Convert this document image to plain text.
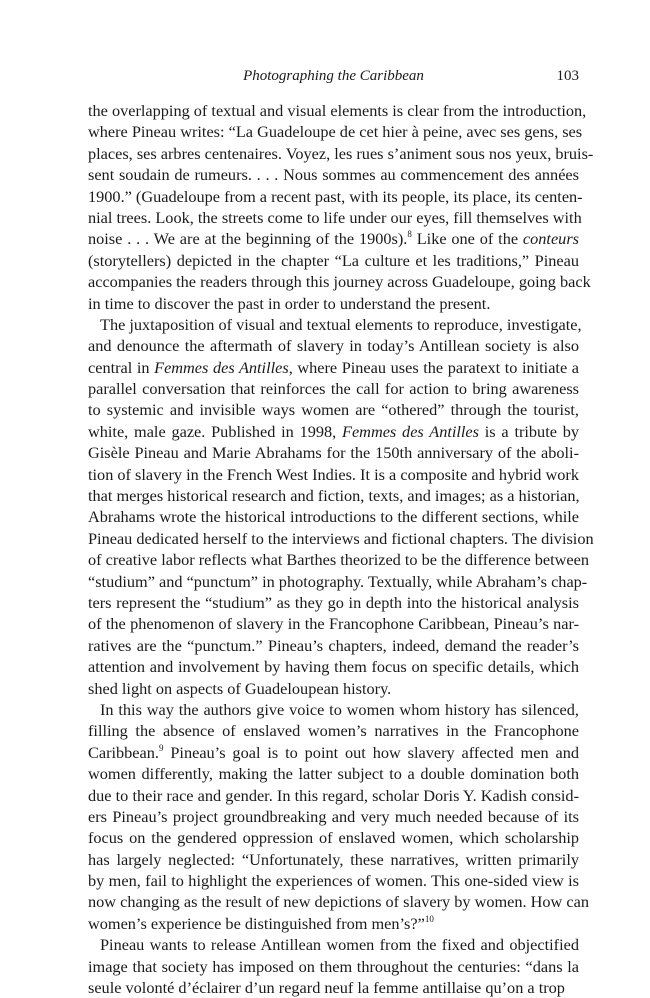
Photographing the Caribbean	103
the overlapping of textual and visual elements is clear from the introduction,
where Pineau writes: “La Guadeloupe de cet hier à peine, avec ses gens, ses
places, ses arbres centenaires. Voyez, les rues s’animent sous nos yeux, bruis-
sent soudain de rumeurs. . . . Nous sommes au commencement des années
1900.” (Guadeloupe from a recent past, with its people, its place, its centen-
nial trees. Look, the streets come to life under our eyes, fill themselves with
noise . . . We are at the beginning of the 1900s).$^8$ Like one of the conteurs
(storytellers) depicted in the chapter “La culture et les traditions,” Pineau
accompanies the readers through this journey across Guadeloupe, going back
in time to discover the past in order to understand the present.
The juxtaposition of visual and textual elements to reproduce, investigate,
and denounce the aftermath of slavery in today’s Antillean society is also
central in Femmes des Antilles, where Pineau uses the paratext to initiate a
parallel conversation that reinforces the call for action to bring awareness
to systemic and invisible ways women are “othered” through the tourist,
white, male gaze. Published in 1998, Femmes des Antilles is a tribute by
Gisèle Pineau and Marie Abrahams for the 150th anniversary of the aboli-
tion of slavery in the French West Indies. It is a composite and hybrid work
that merges historical research and fiction, texts, and images; as a historian,
Abrahams wrote the historical introductions to the different sections, while
Pineau dedicated herself to the interviews and fictional chapters. The division
of creative labor reflects what Barthes theorized to be the difference between
“studium” and “punctum” in photography. Textually, while Abraham’s chap-
ters represent the “studium” as they go in depth into the historical analysis
of the phenomenon of slavery in the Francophone Caribbean, Pineau’s nar-
ratives are the “punctum.” Pineau’s chapters, indeed, demand the reader’s
attention and involvement by having them focus on specific details, which
shed light on aspects of Guadeloupean history.
In this way the authors give voice to women whom history has silenced,
filling the absence of enslaved women’s narratives in the Francophone
Caribbean.$^9$ Pineau’s goal is to point out how slavery affected men and
women differently, making the latter subject to a double domination both
due to their race and gender. In this regard, scholar Doris Y. Kadish consid-
ers Pineau’s project groundbreaking and very much needed because of its
focus on the gendered oppression of enslaved women, which scholarship
has largely neglected: “Unfortunately, these narratives, written primarily
by men, fail to highlight the experiences of women. This one-sided view is
now changing as the result of new depictions of slavery by women. How can
women’s experience be distinguished from men’s?”$^{10}$
Pineau wants to release Antillean women from the fixed and objectified
image that society has imposed on them throughout the centuries: “dans la
seule volonté d’éclairer d’un regard neuf la femme antillaise qu’on a trop
